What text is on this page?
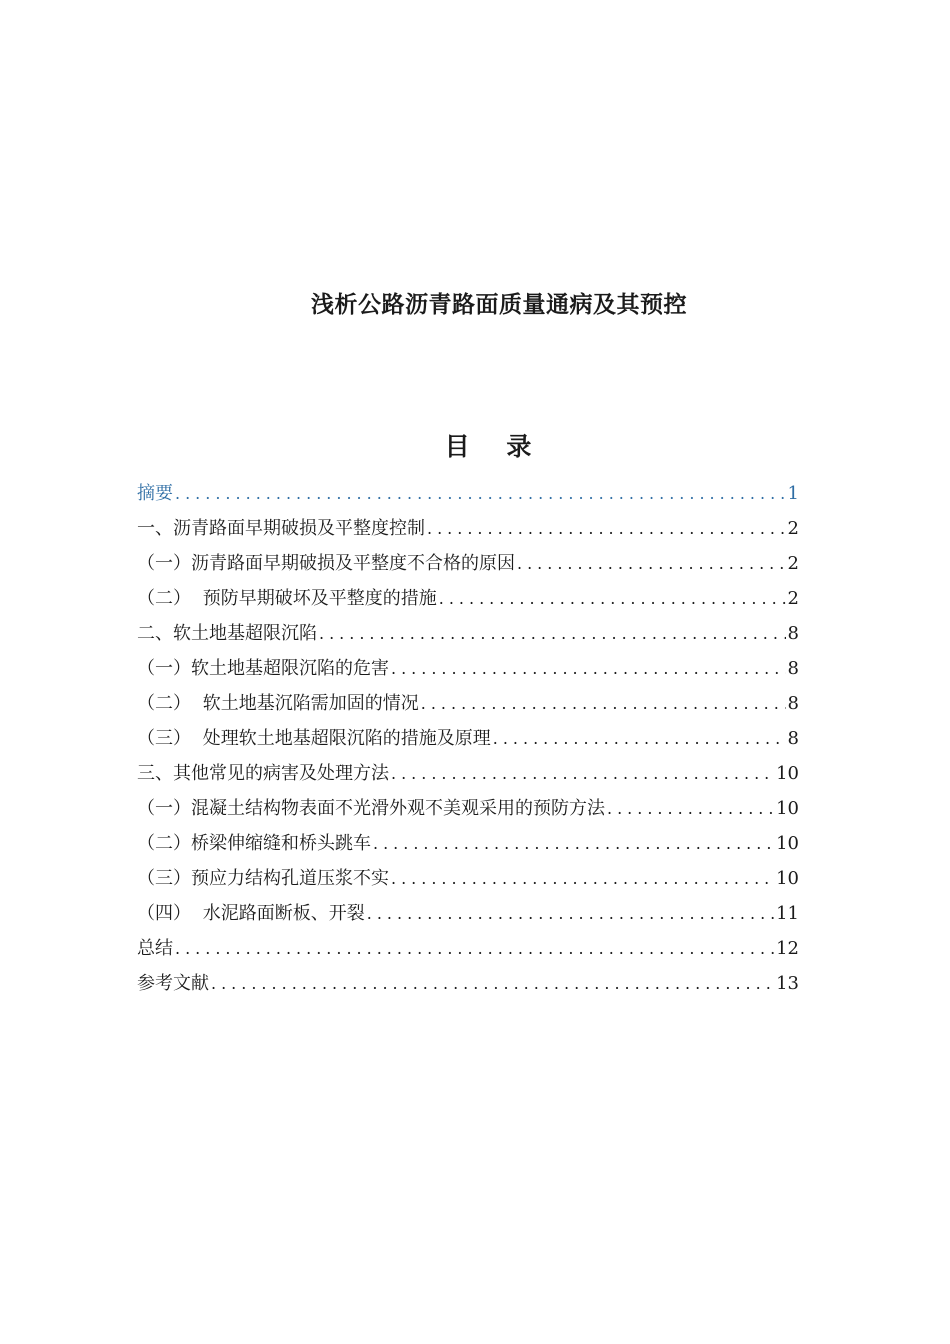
浅析公路沥青路面质量通病及其预控
目 录
摘要 .....	1
一、沥青路面早期破损及平整度控制 .....	2
（一）沥青路面早期破损及平整度不合格的原因 .....	2
（二） 预防早期破坏及平整度的措施 .....	2
二、软土地基超限沉陷 .....	8
（一）软土地基超限沉陷的危害 .....	8
（二） 软土地基沉陷需加固的情况 .....	8
（三） 处理软土地基超限沉陷的措施及原理 .....	8
三、其他常见的病害及处理方法 .....	10
（一）混凝土结构物表面不光滑外观不美观采用的预防方法 .....	10
（二）桥梁伸缩缝和桥头跳车 .....	10
（三）预应力结构孔道压浆不实 .....	10
（四） 水泥路面断板、开裂 .....	11
总结 .....	12
参考文献 .....	13
